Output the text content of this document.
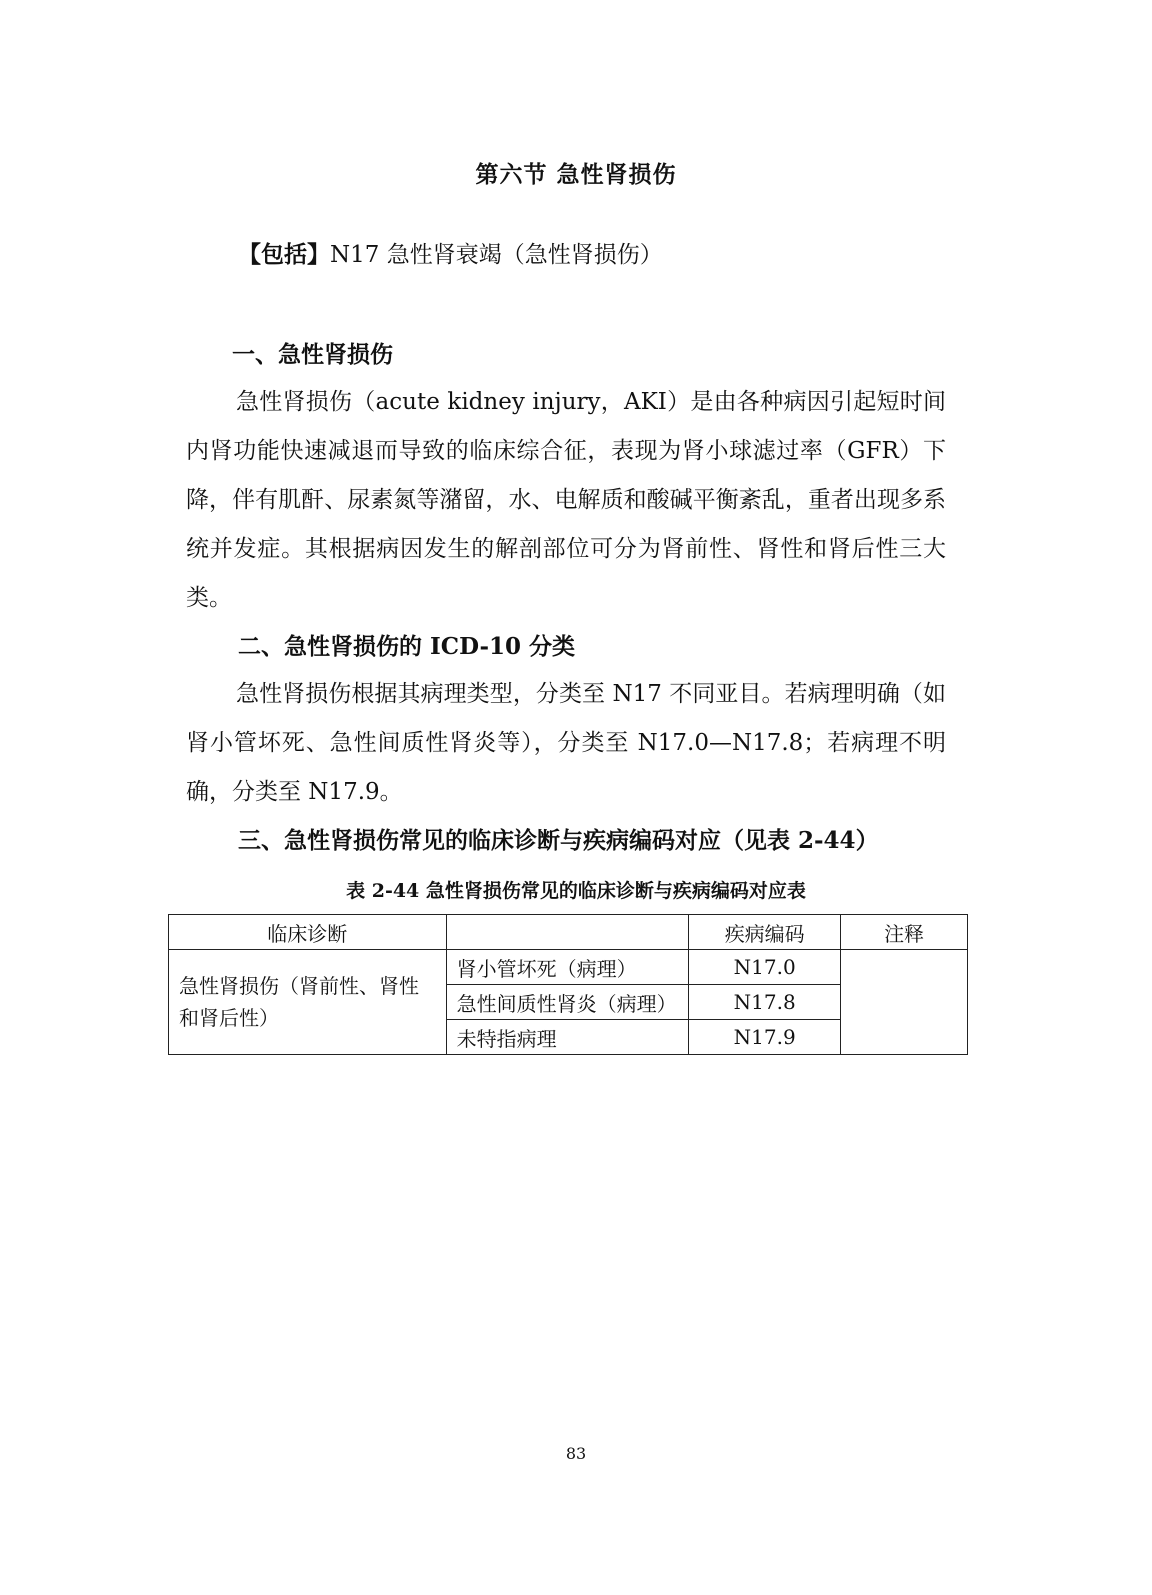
第六节 急性肾损伤
【包括】N17 急性肾衰竭（急性肾损伤）
一、急性肾损伤

急性肾损伤（acute kidney injury，AKI）是由各种病因引起短时间内肾功能快速减退而导致的临床综合征，表现为肾小球滤过率（GFR）下降，伴有肌酐、尿素氮等潴留，水、电解质和酸碱平衡紊乱，重者出现多系统并发症。其根据病因发生的解剖部位可分为肾前性、肾性和肾后性三大类。

二、急性肾损伤的 ICD-10 分类

急性肾损伤根据其病理类型，分类至 N17 不同亚目。若病理明确（如肾小管坏死、急性间质性肾炎等），分类至 N17.0—N17.8；若病理不明确，分类至 N17.9。

三、急性肾损伤常见的临床诊断与疾病编码对应（见表 2-44）
表 2-44 急性肾损伤常见的临床诊断与疾病编码对应表
临床诊断		疾病编码	注释
急性肾损伤（肾前性、肾性和肾后性）	肾小管坏死（病理）	N17.0	
	急性间质性肾炎（病理）	N17.8	
	未特指病理	N17.9	
83
